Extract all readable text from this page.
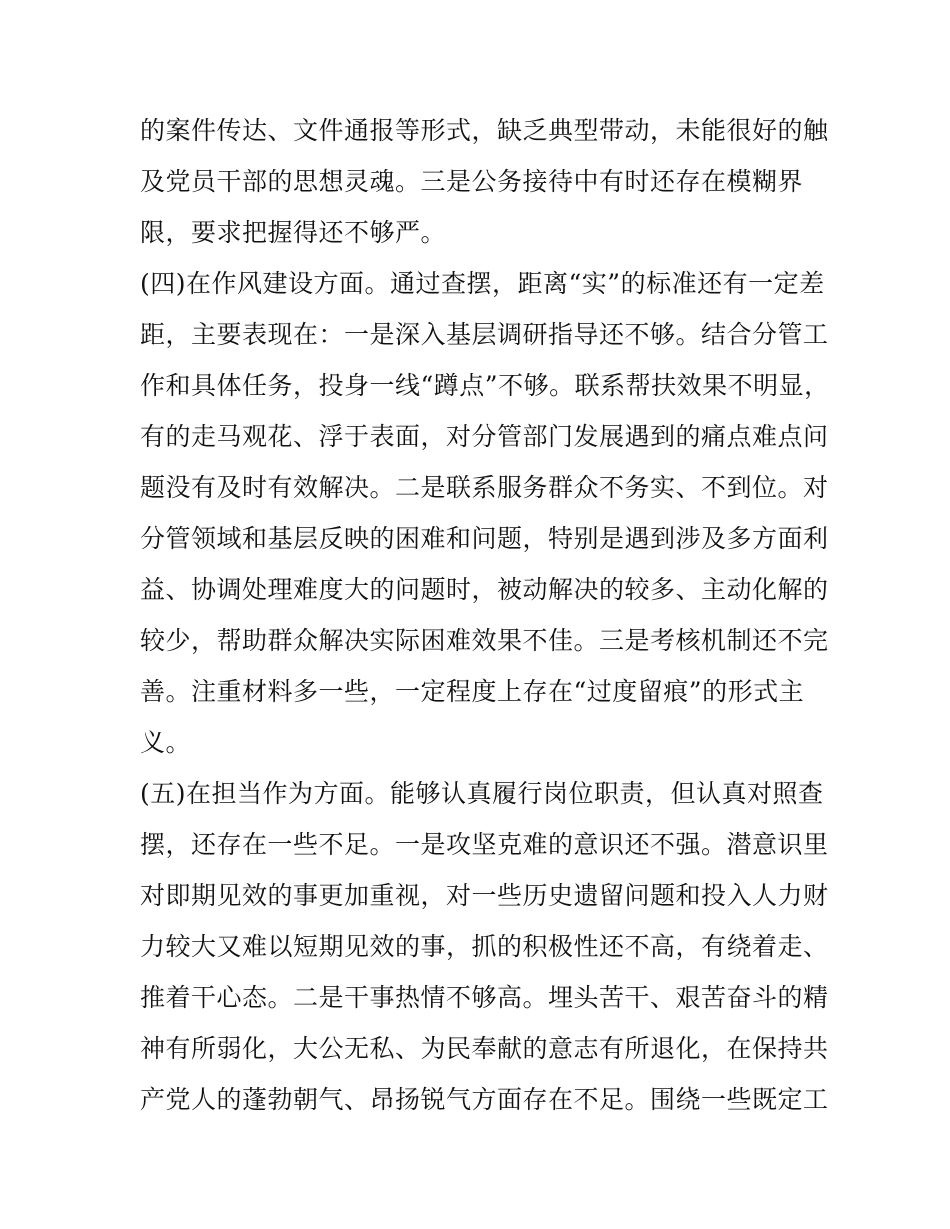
的案件传达、文件通报等形式，缺乏典型带动，未能很好的触
及党员干部的思想灵魂。三是公务接待中有时还存在模糊界
限，要求把握得还不够严。
(四)在作风建设方面。通过查摆，距离“实”的标准还有一定差
距，主要表现在：一是深入基层调研指导还不够。结合分管工
作和具体任务，投身一线“蹲点”不够。联系帮扶效果不明显，
有的走马观花、浮于表面，对分管部门发展遇到的痛点难点问
题没有及时有效解决。二是联系服务群众不务实、不到位。对
分管领域和基层反映的困难和问题，特别是遇到涉及多方面利
益、协调处理难度大的问题时，被动解决的较多、主动化解的
较少，帮助群众解决实际困难效果不佳。三是考核机制还不完
善。注重材料多一些，一定程度上存在“过度留痕”的形式主
义。
(五)在担当作为方面。能够认真履行岗位职责，但认真对照查
摆，还存在一些不足。一是攻坚克难的意识还不强。潜意识里
对即期见效的事更加重视，对一些历史遗留问题和投入人力财
力较大又难以短期见效的事，抓的积极性还不高，有绕着走、
推着干心态。二是干事热情不够高。埋头苦干、艰苦奋斗的精
神有所弱化，大公无私、为民奉献的意志有所退化，在保持共
产党人的蓬勃朝气、昂扬锐气方面存在不足。围绕一些既定工
